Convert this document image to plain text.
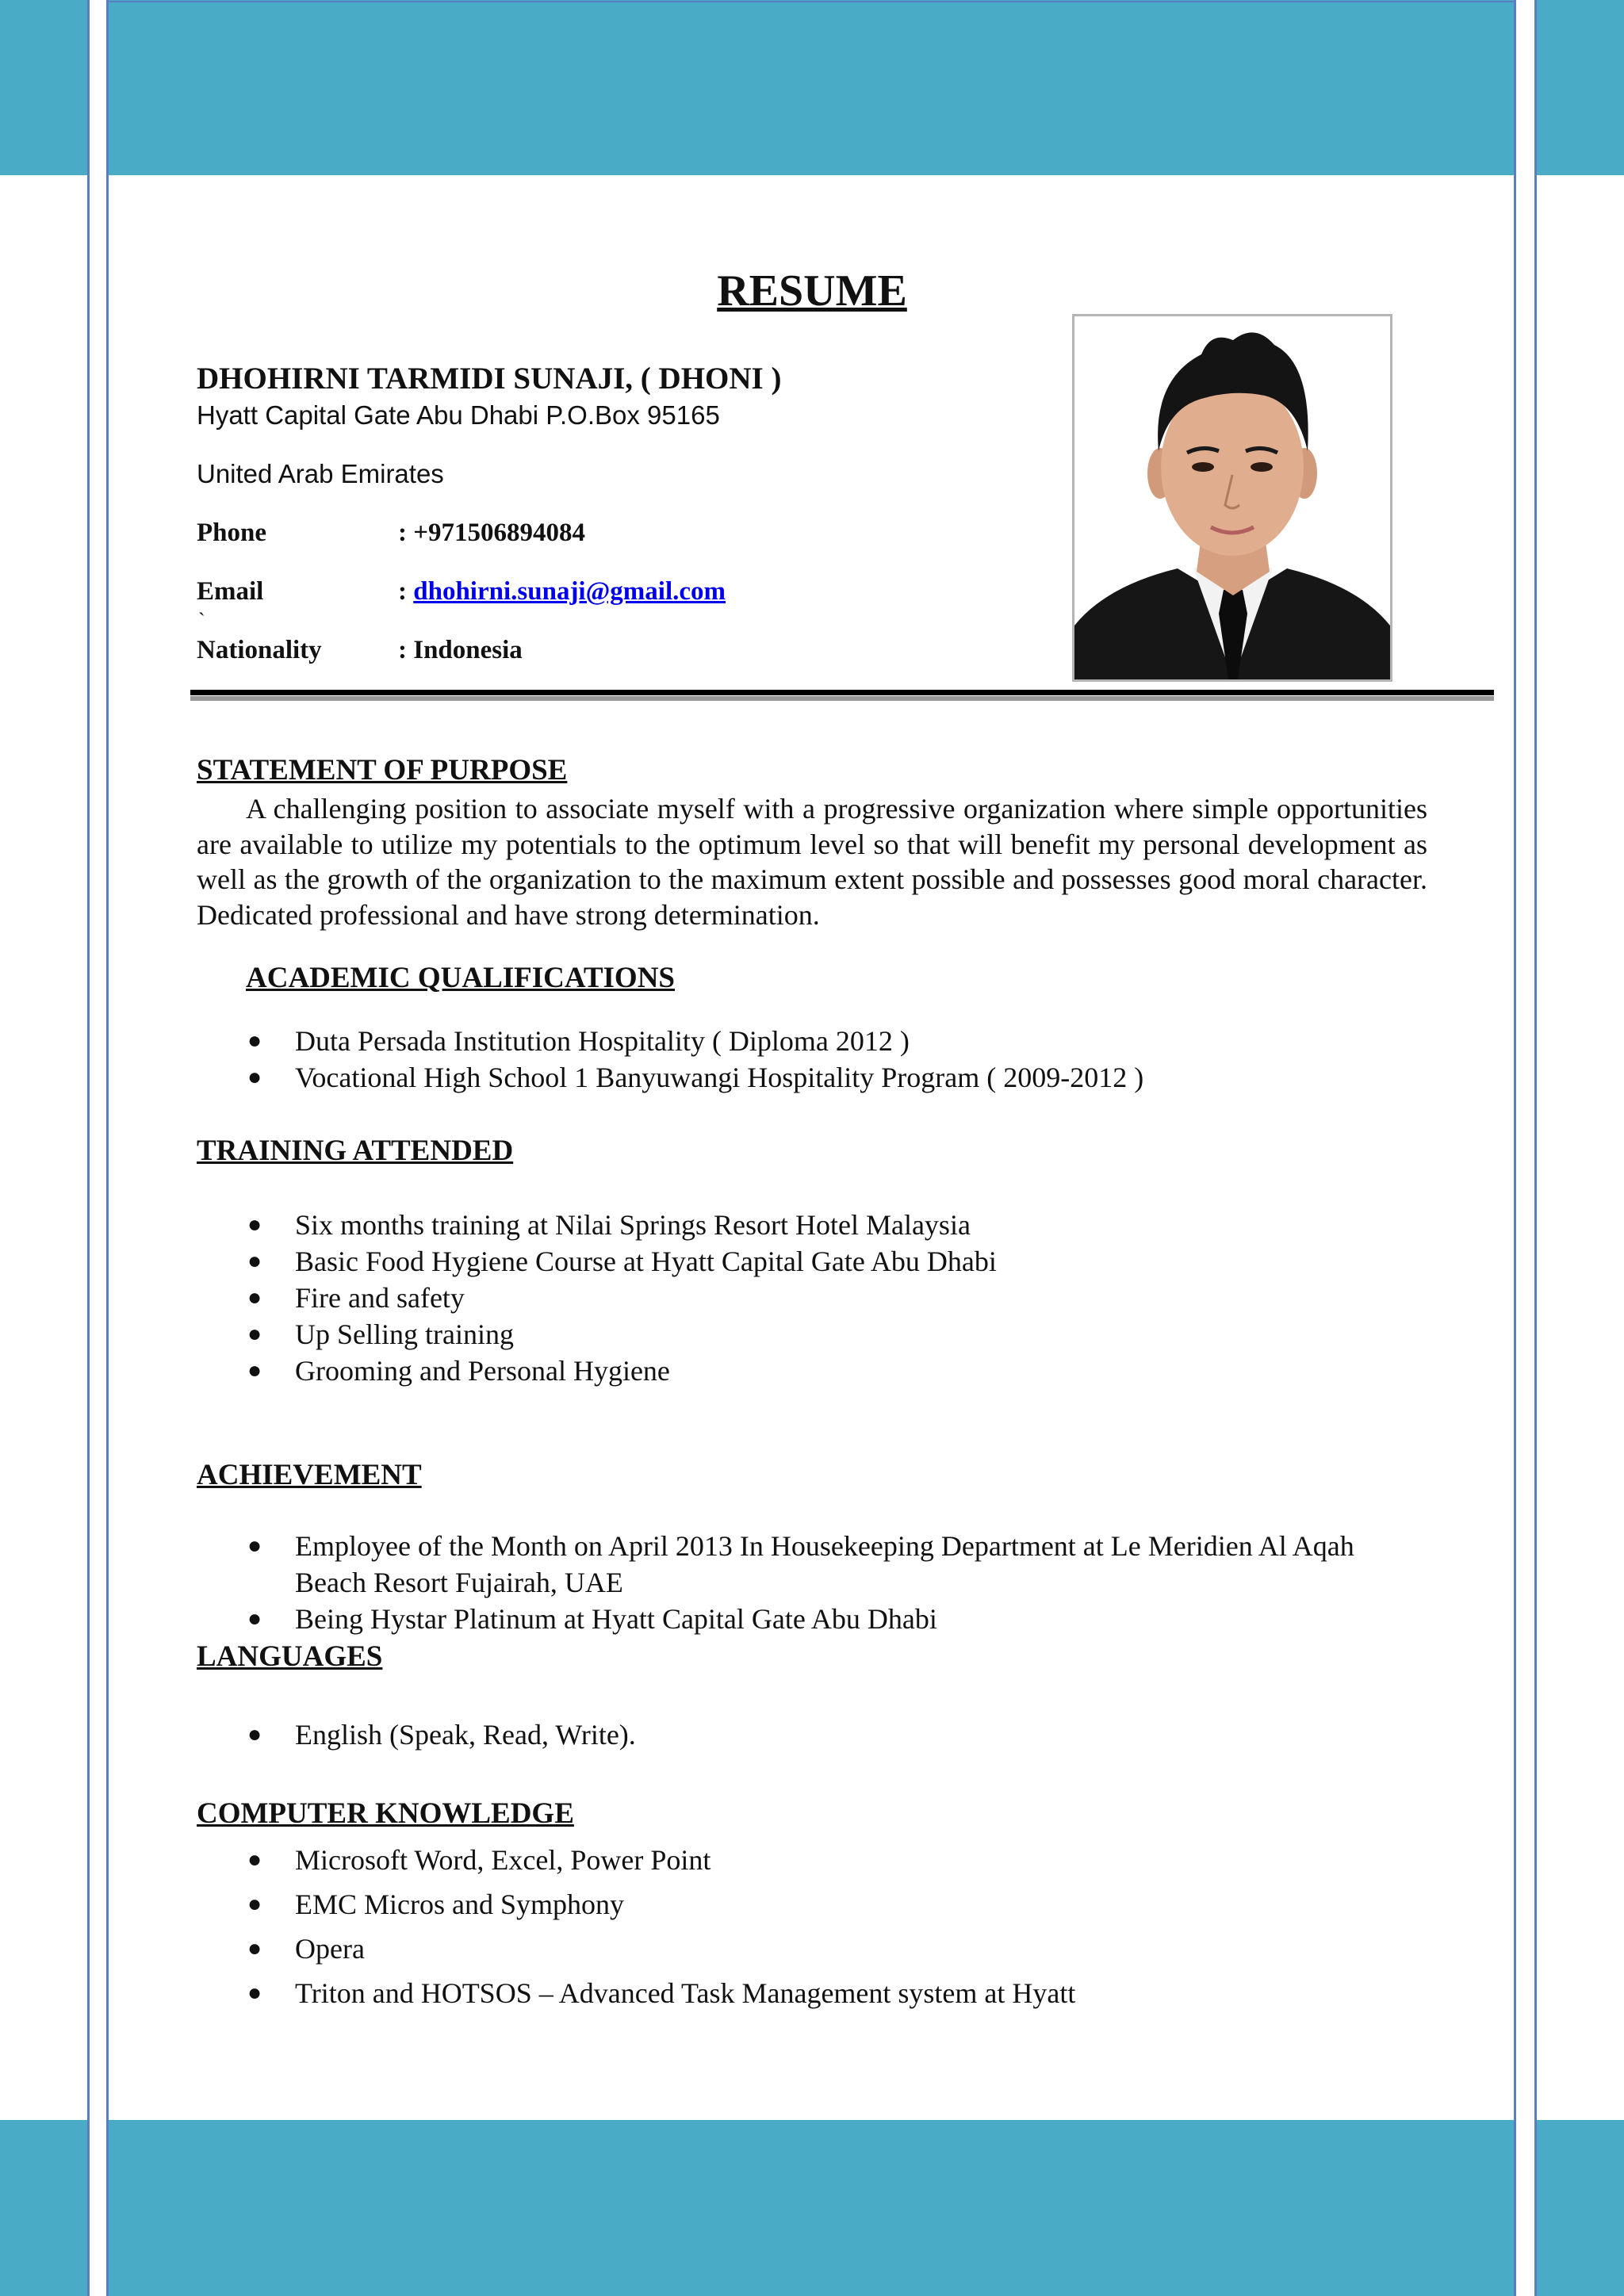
RESUME
DHOHIRNI TARMIDI SUNAJI, ( DHONI )
Hyatt Capital Gate Abu Dhabi P.O.Box 95165
United Arab Emirates
Phone	: +971506894084
Email	: dhohirni.sunaji@gmail.com
`
Nationality	: Indonesia
STATEMENT OF PURPOSE

A challenging position to associate myself with a progressive organization where simple opportunities are available to utilize my potentials to the optimum level so that will benefit my personal development as well as the growth of the organization to the maximum extent possible and possesses good moral character. Dedicated professional and have strong determination.

ACADEMIC QUALIFICATIONS
● Duta Persada Institution Hospitality ( Diploma 2012 )
● Vocational High School 1 Banyuwangi Hospitality Program ( 2009-2012 )
TRAINING ATTENDED
● Six months training at Nilai Springs Resort Hotel Malaysia
● Basic Food Hygiene Course at Hyatt Capital Gate Abu Dhabi
● Fire and safety
● Up Selling training
● Grooming and Personal Hygiene
ACHIEVEMENT
● Employee of the Month on April 2013 In Housekeeping Department at Le Meridien Al Aqah Beach Resort Fujairah, UAE
● Being Hystar Platinum at Hyatt Capital Gate Abu Dhabi
LANGUAGES
● English (Speak, Read, Write).
COMPUTER KNOWLEDGE
● Microsoft Word, Excel, Power Point
● EMC Micros and Symphony
● Opera
● Triton and HOTSOS – Advanced Task Management system at Hyatt
